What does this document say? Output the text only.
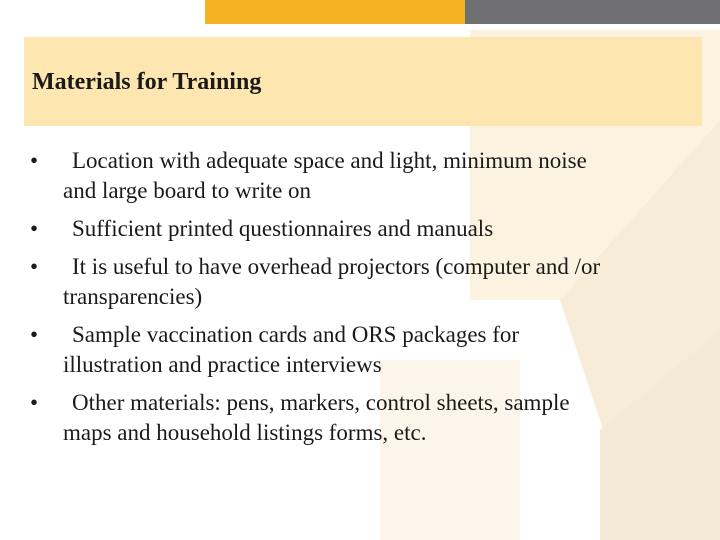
Materials for Training
• Location with adequate space and light, minimum noise
and large board to write on
• Sufficient printed questionnaires and manuals
• It is useful to have overhead projectors (computer and /or
transparencies)
• Sample vaccination cards and ORS packages for
illustration and practice interviews
• Other materials: pens, markers, control sheets, sample
maps and household listings forms, etc.
